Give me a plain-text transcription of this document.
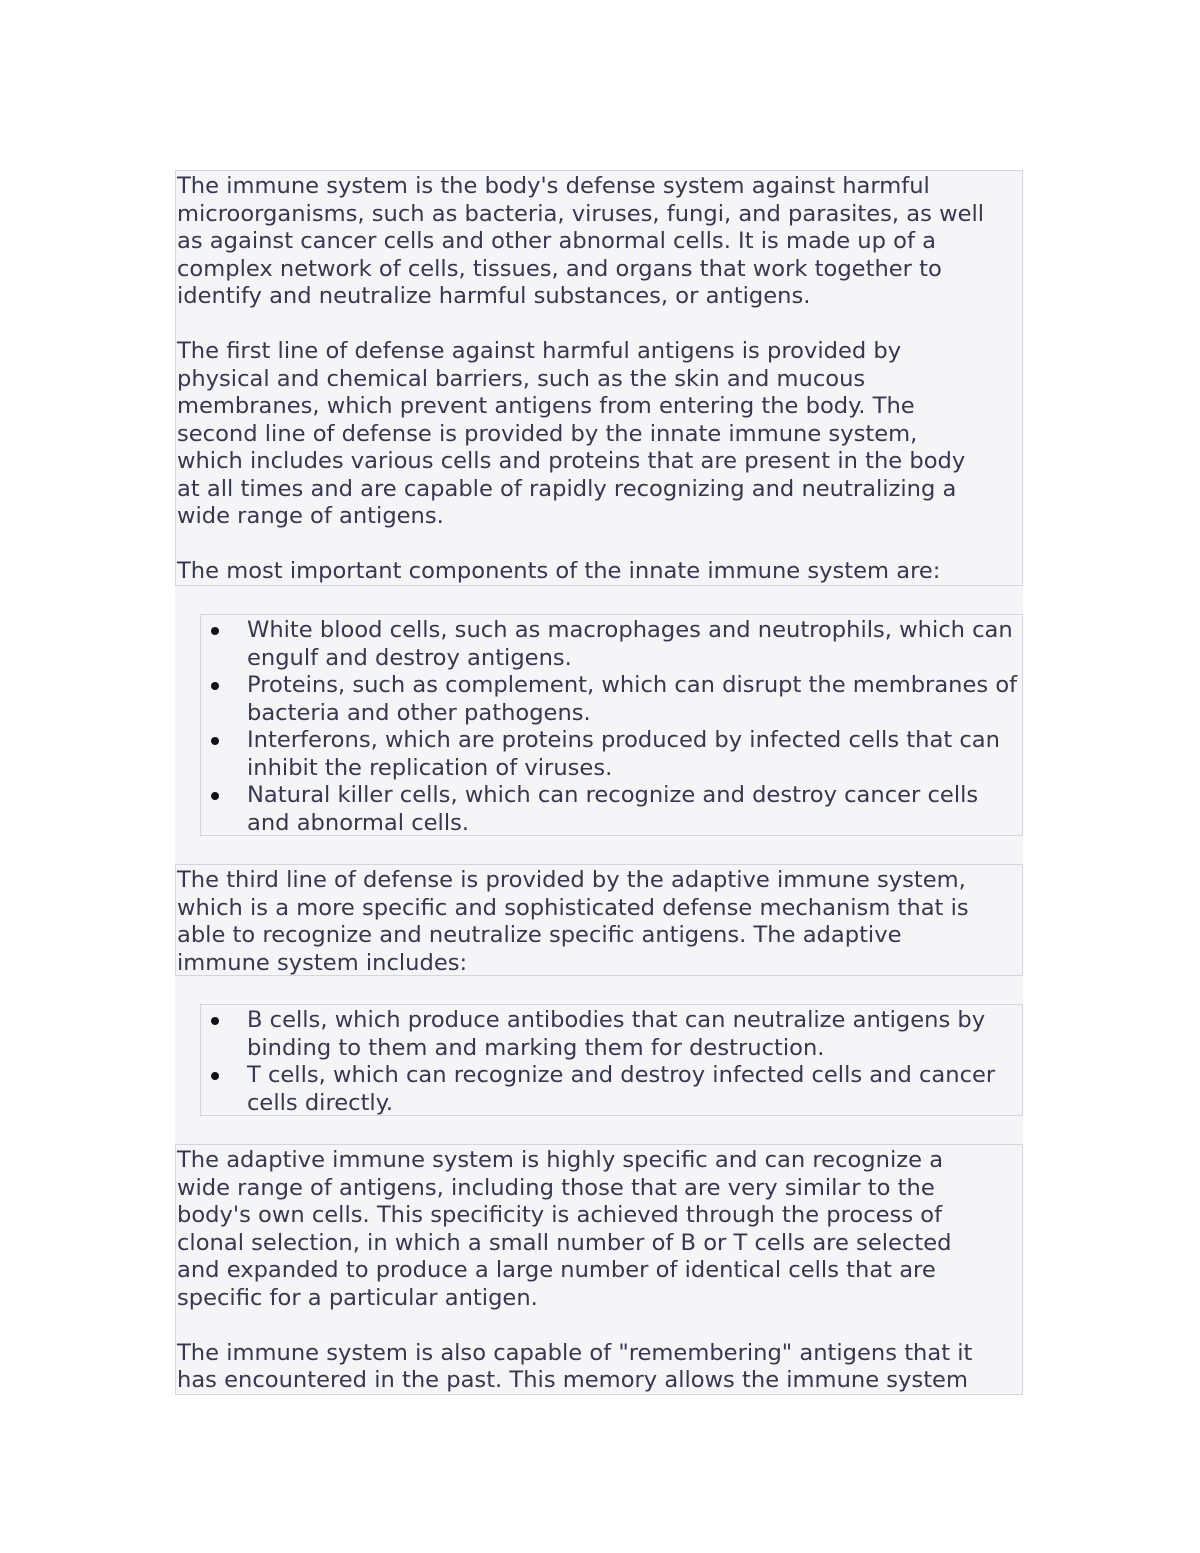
The immune system is the body's defense system against harmful
microorganisms, such as bacteria, viruses, fungi, and parasites, as well
as against cancer cells and other abnormal cells. It is made up of a
complex network of cells, tissues, and organs that work together to
identify and neutralize harmful substances, or antigens.

The first line of defense against harmful antigens is provided by
physical and chemical barriers, such as the skin and mucous
membranes, which prevent antigens from entering the body. The
second line of defense is provided by the innate immune system,
which includes various cells and proteins that are present in the body
at all times and are capable of rapidly recognizing and neutralizing a
wide range of antigens.

The most important components of the innate immune system are:

White blood cells, such as macrophages and neutrophils, which can engulf and destroy antigens.
Proteins, such as complement, which can disrupt the membranes of bacteria and other pathogens.
Interferons, which are proteins produced by infected cells that can inhibit the replication of viruses.
Natural killer cells, which can recognize and destroy cancer cells and abnormal cells.

The third line of defense is provided by the adaptive immune system,
which is a more specific and sophisticated defense mechanism that is
able to recognize and neutralize specific antigens. The adaptive
immune system includes:

B cells, which produce antibodies that can neutralize antigens by binding to them and marking them for destruction.
T cells, which can recognize and destroy infected cells and cancer cells directly.

The adaptive immune system is highly specific and can recognize a
wide range of antigens, including those that are very similar to the
body's own cells. This specificity is achieved through the process of
clonal selection, in which a small number of B or T cells are selected
and expanded to produce a large number of identical cells that are
specific for a particular antigen.

The immune system is also capable of "remembering" antigens that it
has encountered in the past. This memory allows the immune system
